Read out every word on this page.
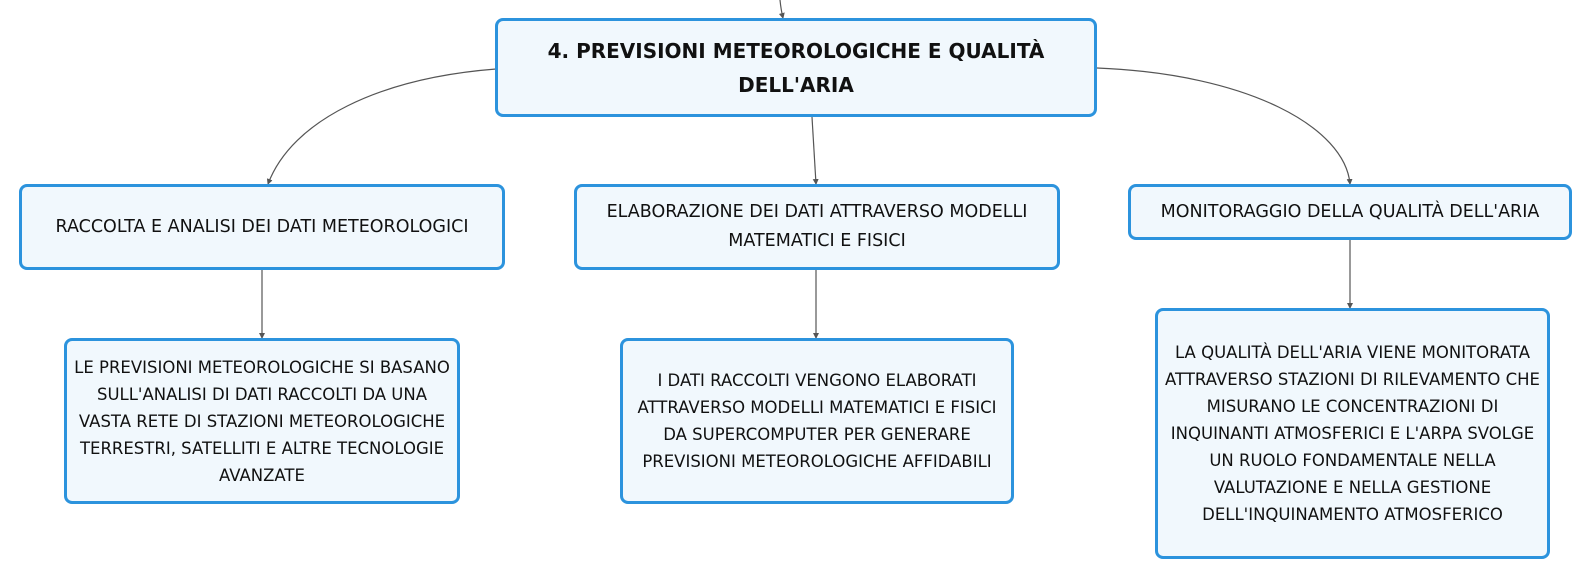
4. PREVISIONI METEOROLOGICHE E QUALITÀ DELL'ARIA
RACCOLTA E ANALISI DEI DATI METEOROLOGICI
ELABORAZIONE DEI DATI ATTRAVERSO MODELLI MATEMATICI E FISICI
MONITORAGGIO DELLA QUALITÀ DELL'ARIA
LE PREVISIONI METEOROLOGICHE SI BASANO SULL'ANALISI DI DATI RACCOLTI DA UNA VASTA RETE DI STAZIONI METEOROLOGICHE TERRESTRI, SATELLITI E ALTRE TECNOLOGIE AVANZATE
I DATI RACCOLTI VENGONO ELABORATI ATTRAVERSO MODELLI MATEMATICI E FISICI DA SUPERCOMPUTER PER GENERARE PREVISIONI METEOROLOGICHE AFFIDABILI
LA QUALITÀ DELL'ARIA VIENE MONITORATA ATTRAVERSO STAZIONI DI RILEVAMENTO CHE MISURANO LE CONCENTRAZIONI DI INQUINANTI ATMOSFERICI E L'ARPA SVOLGE UN RUOLO FONDAMENTALE NELLA VALUTAZIONE E NELLA GESTIONE DELL'INQUINAMENTO ATMOSFERICO
